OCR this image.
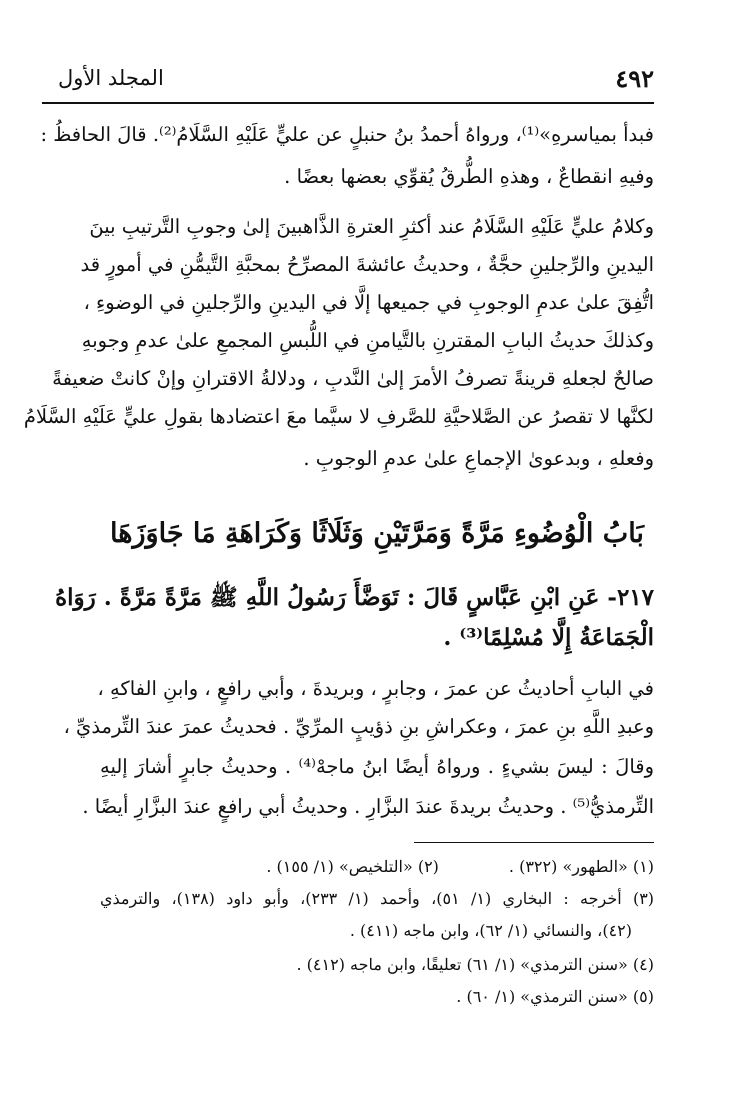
٤٩٢
المجلد الأول
فبدأ بمياسرهِ»⁽¹⁾، ورواهُ أحمدُ بنُ حنبلٍ عن عليٍّ عَلَيْهِ السَّلَامُ⁽²⁾. قالَ الحافظُ :
وفيهِ انقطاعٌ ، وهذهِ الطُّرقُ يُقوِّي بعضها بعضًا .
وكلامُ عليٍّ عَلَيْهِ السَّلَامُ عند أكثرِ العترةِ الذَّاهبينَ إلىٰ وجوبِ التَّرتيبِ بينَ
اليدينِ والرِّجلينِ حجَّةٌ ، وحديثُ عائشةَ المصرِّحُ بمحبَّةِ التَّيمُّنِ في أمورٍ قد
اتُّفِقَ علىٰ عدمِ الوجوبِ في جميعها إلَّا في اليدينِ والرِّجلينِ في الوضوءِ ،
وكذلكَ حديثُ البابِ المقترنِ بالتَّيامنِ في اللُّبسِ المجمعِ علىٰ عدمِ وجوبهِ
صالحٌ لجعلهِ قرينةً تصرفُ الأمرَ إلىٰ النَّدبِ ، ودلالةُ الاقترانِ وإنْ كانتْ ضعيفةً
لكنَّها لا تقصرُ عن الصَّلاحيَّةِ للصَّرفِ لا سيَّما معَ اعتضادها بقولِ عليٍّ عَلَيْهِ السَّلَامُ
وفعلهِ ، وبدعوىٰ الإجماعِ علىٰ عدمِ الوجوبِ .
بَابُ الْوُضُوءِ مَرَّةً وَمَرَّتَيْنِ وَثَلَاثًا وَكَرَاهَةِ مَا جَاوَزَهَا
٢١٧- عَنِ ابْنِ عَبَّاسٍ قَالَ : تَوَضَّأَ رَسُولُ اللَّهِ ﷺ مَرَّةً مَرَّةً . رَوَاهُ
الْجَمَاعَةُ إِلَّا مُسْلِمًا⁽³⁾ .
في البابِ أحاديثُ عن عمرَ ، وجابرٍ ، وبريدةَ ، وأبي رافعٍ ، وابنِ الفاكهِ ،
وعبدِ اللَّهِ بنِ عمرَ ، وعكراشِ بنِ ذؤيبٍ المرِّيِّ . فحديثُ عمرَ عندَ التِّرمذيِّ ،
وقالَ : ليسَ بشيءٍ . ورواهُ أيضًا ابنُ ماجهْ⁽⁴⁾ . وحديثُ جابرٍ أشارَ إليهِ
التِّرمذيُّ⁽⁵⁾ . وحديثُ بريدةَ عندَ البزَّارِ . وحديثُ أبي رافعٍ عندَ البزَّارِ أيضًا .
(١) «الطهور» (٣٢٢) .(٢) «التلخيص» (١/ ١٥٥) .
(٣) أخرجه : البخاري (١/ ٥١)، وأحمد (١/ ٢٣٣)، وأبو داود (١٣٨)، والترمذي
(٤٢)، والنسائي (١/ ٦٢)، وابن ماجه (٤١١) .
(٤) «سنن الترمذي» (١/ ٦١) تعليقًا، وابن ماجه (٤١٢) .
(٥) «سنن الترمذي» (١/ ٦٠) .
